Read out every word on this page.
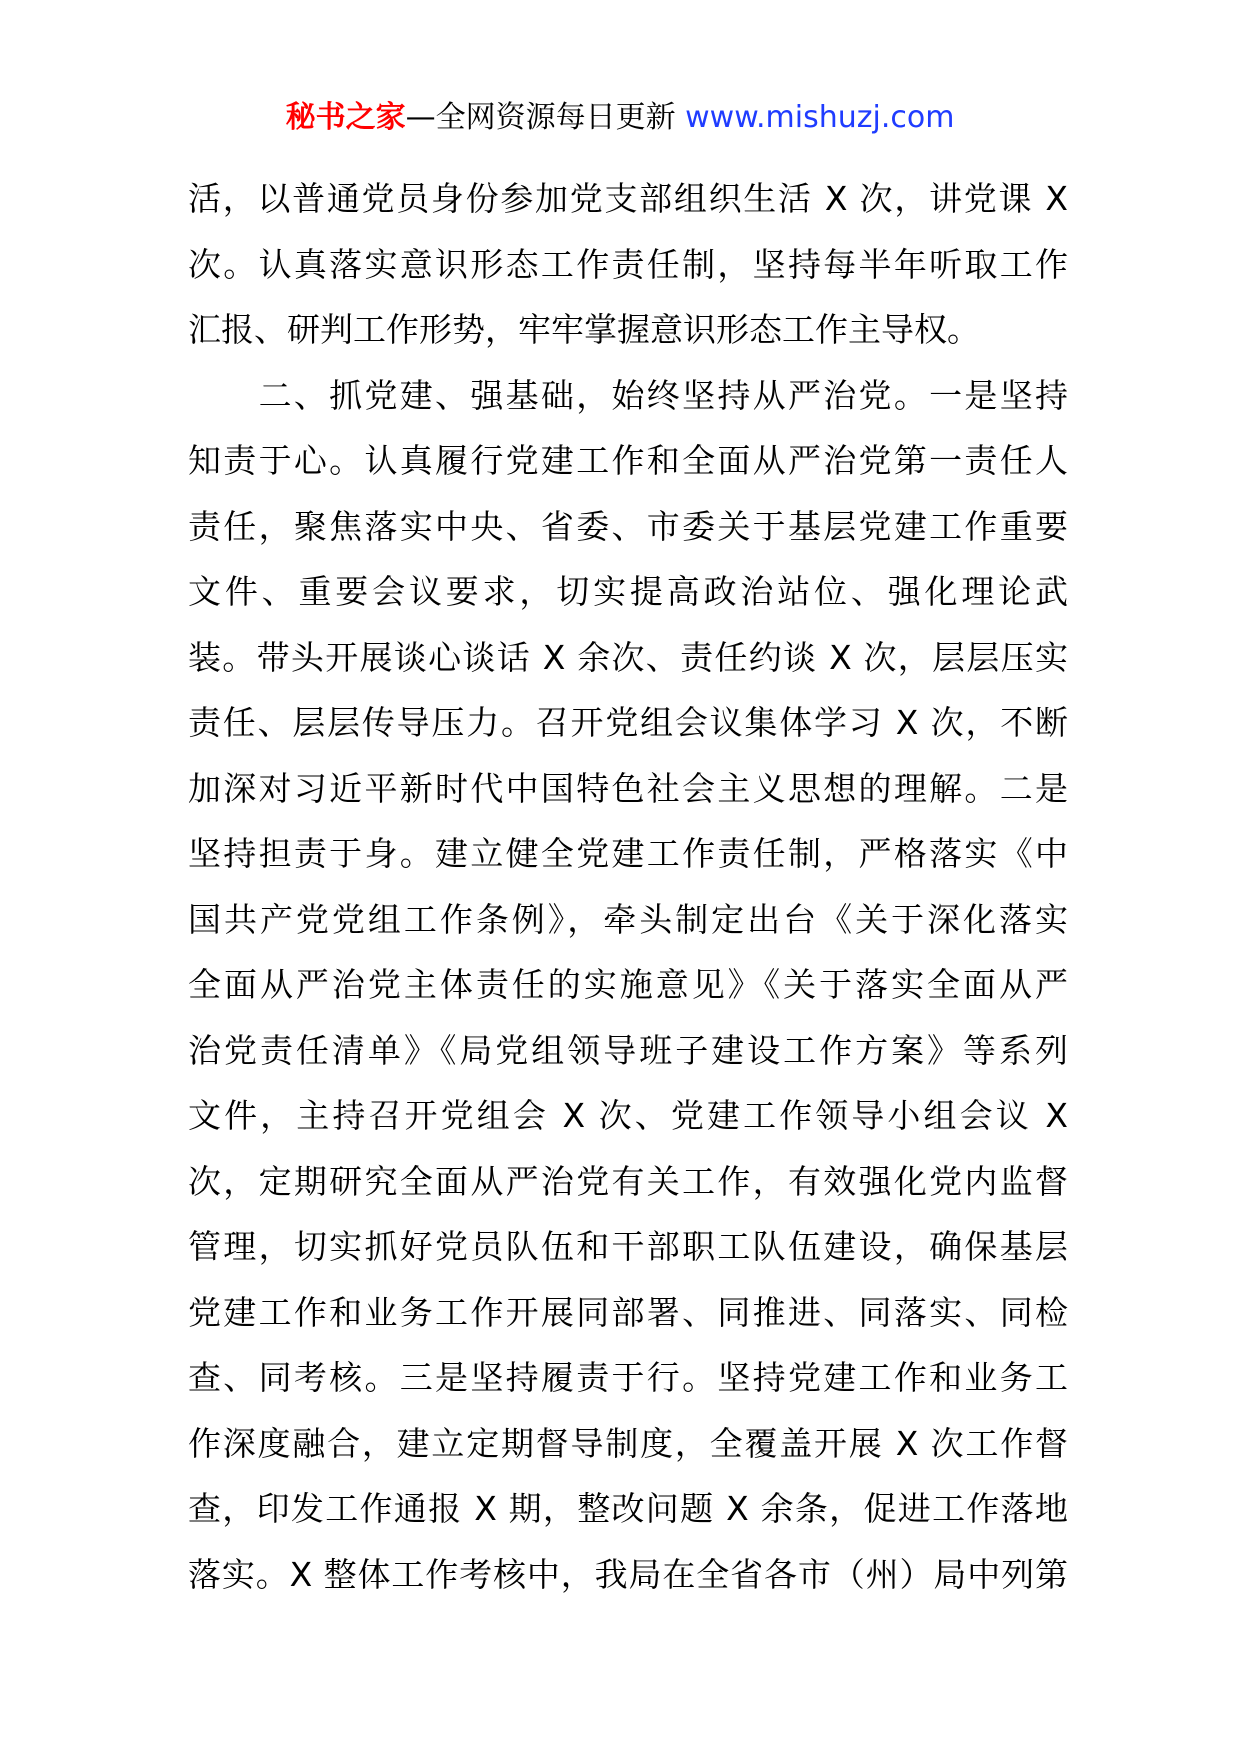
秘书之家—全网资源每日更新 www.mishuzj.com
活，以普通党员身份参加党支部组织生活 X 次，讲党课 X
次。认真落实意识形态工作责任制，坚持每半年听取工作
汇报、研判工作形势，牢牢掌握意识形态工作主导权。
　　二、抓党建、强基础，始终坚持从严治党。一是坚持
知责于心。认真履行党建工作和全面从严治党第一责任人
责任，聚焦落实中央、省委、市委关于基层党建工作重要
文件、重要会议要求，切实提高政治站位、强化理论武
装。带头开展谈心谈话 X 余次、责任约谈 X 次，层层压实
责任、层层传导压力。召开党组会议集体学习 X 次，不断
加深对习近平新时代中国特色社会主义思想的理解。二是
坚持担责于身。建立健全党建工作责任制，严格落实《中
国共产党党组工作条例》，牵头制定出台《关于深化落实
全面从严治党主体责任的实施意见》《关于落实全面从严
治党责任清单》《局党组领导班子建设工作方案》等系列
文件，主持召开党组会 X 次、党建工作领导小组会议 X
次，定期研究全面从严治党有关工作，有效强化党内监督
管理，切实抓好党员队伍和干部职工队伍建设，确保基层
党建工作和业务工作开展同部署、同推进、同落实、同检
查、同考核。三是坚持履责于行。坚持党建工作和业务工
作深度融合，建立定期督导制度，全覆盖开展 X 次工作督
查，印发工作通报 X 期，整改问题 X 余条，促进工作落地
落实。X 整体工作考核中，我局在全省各市（州）局中列第
